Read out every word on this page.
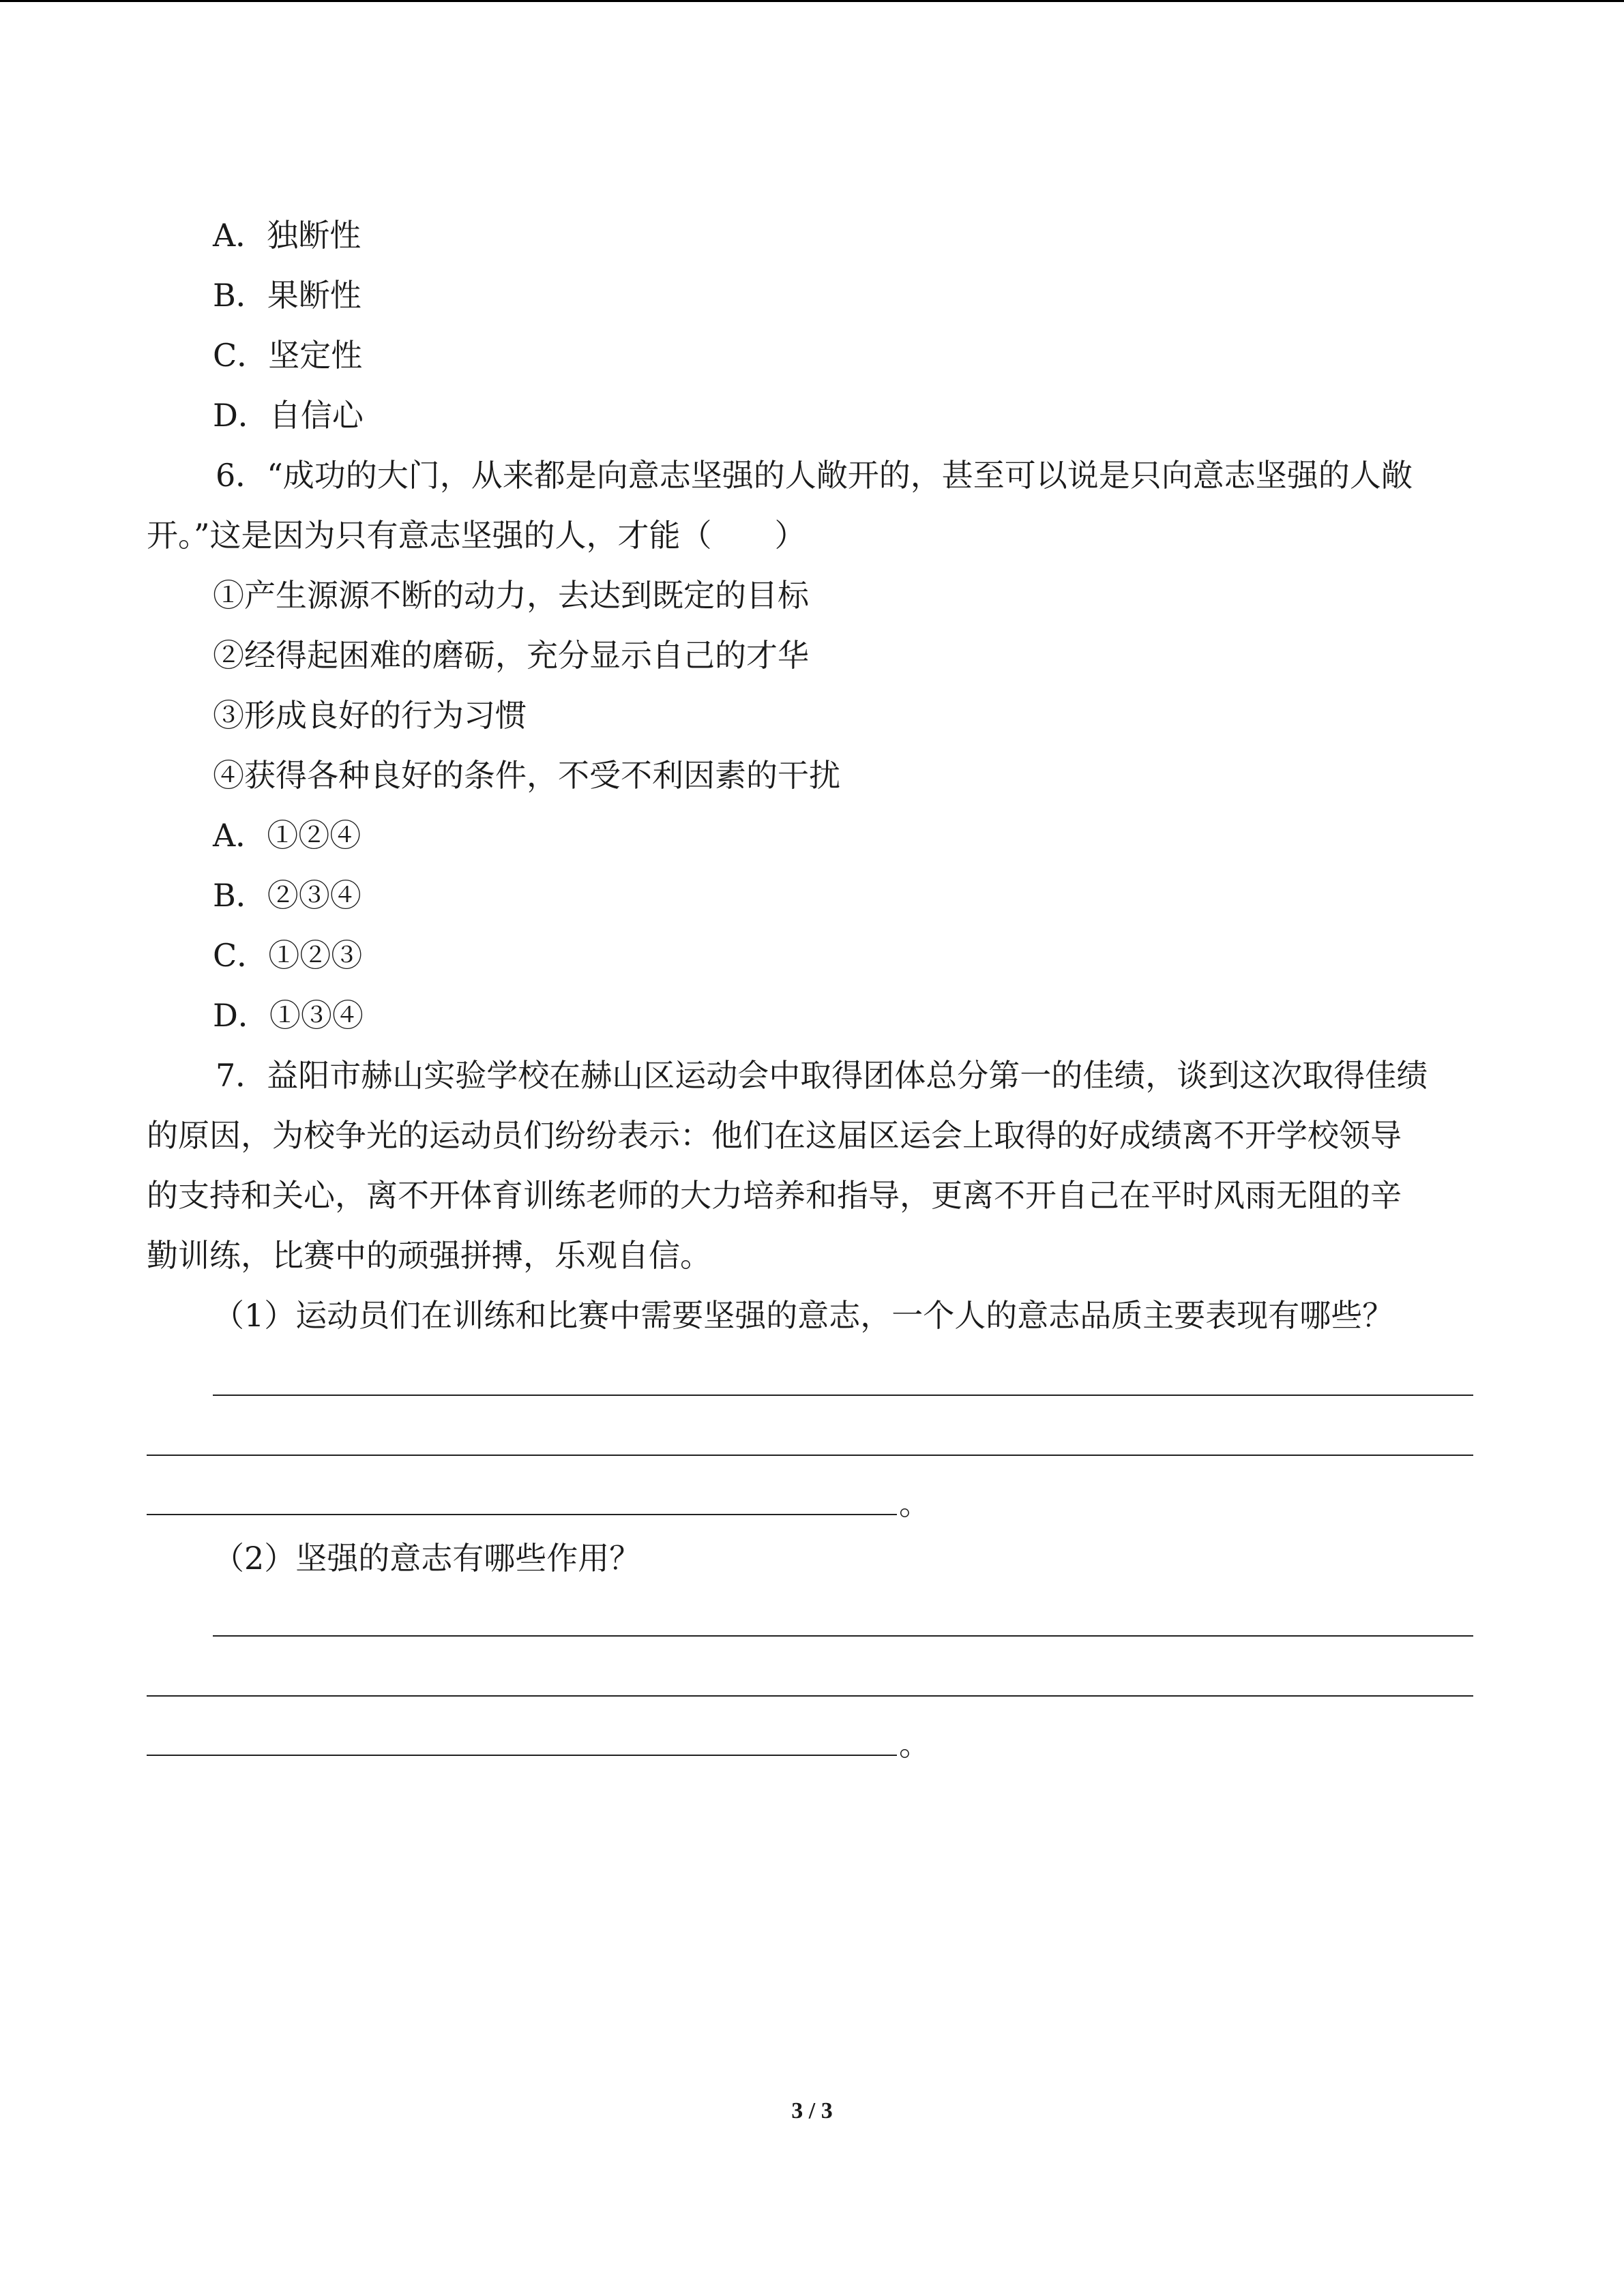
A．独断性
B．果断性
C．坚定性
D．自信心
6．“成功的大门，从来都是向意志坚强的人敞开的，甚至可以说是只向意志坚强的人敞
开。”这是因为只有意志坚强的人，才能（　　）
①产生源源不断的动力，去达到既定的目标
②经得起困难的磨砺，充分显示自己的才华
③形成良好的行为习惯
④获得各种良好的条件，不受不利因素的干扰
A．①②④
B．②③④
C．①②③
D．①③④
7．益阳市赫山实验学校在赫山区运动会中取得团体总分第一的佳绩，谈到这次取得佳绩
的原因，为校争光的运动员们纷纷表示：他们在这届区运会上取得的好成绩离不开学校领导
的支持和关心，离不开体育训练老师的大力培养和指导，更离不开自己在平时风雨无阻的辛
勤训练，比赛中的顽强拼搏，乐观自信。
（1）运动员们在训练和比赛中需要坚强的意志，一个人的意志品质主要表现有哪些？
。
（2）坚强的意志有哪些作用？
。
3 / 3
